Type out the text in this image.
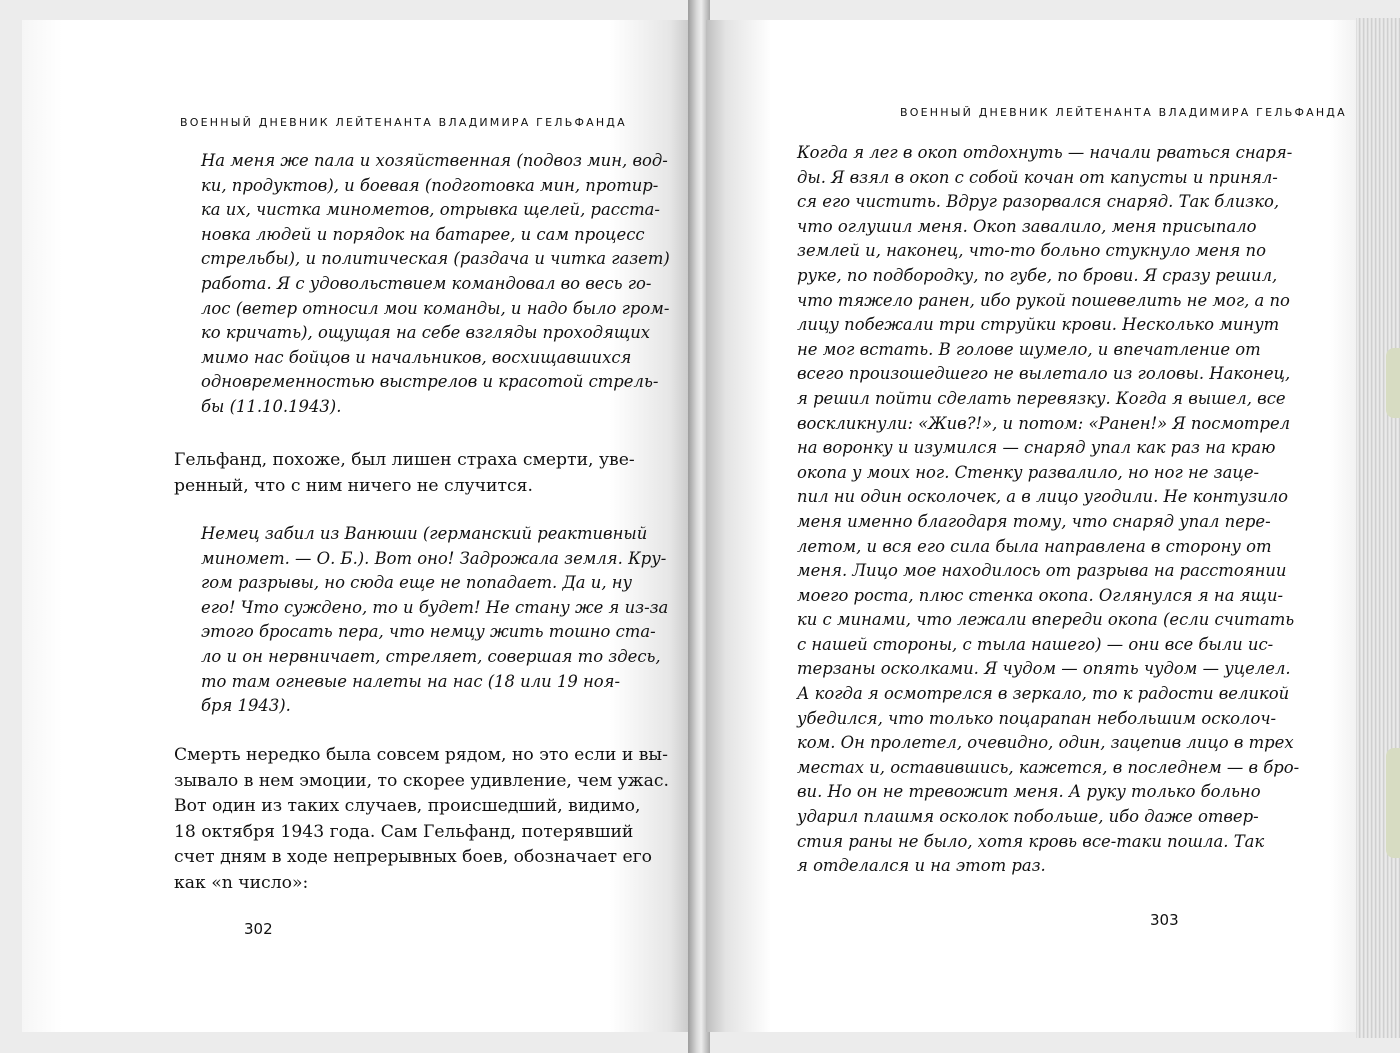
ВОЕННЫЙ ДНЕВНИК ЛЕЙТЕНАНТА ВЛАДИМИРА ГЕЛЬФАНДА
На меня же пала и хозяйственная (подвоз мин, вод-
ки, продуктов), и боевая (подготовка мин, протир-
ка их, чистка минометов, отрывка щелей, расста-
новка людей и порядок на батарее, и сам процесс
стрельбы), и политическая (раздача и читка газет)
работа. Я с удовольствием командовал во весь го-
лос (ветер относил мои команды, и надо было гром-
ко кричать), ощущая на себе взгляды проходящих
мимо нас бойцов и начальников, восхищавшихся
одновременностью выстрелов и красотой стрель-
бы (11.10.1943).
Гельфанд, похоже, был лишен страха смерти, уве-
ренный, что с ним ничего не случится.
Немец забил из Ванюши (германский реактивный
миномет. — О. Б.). Вот оно! Задрожала земля. Кру-
гом разрывы, но сюда еще не попадает. Да и, ну
его! Что суждено, то и будет! Не стану же я из-за
этого бросать пера, что немцу жить тошно ста-
ло и он нервничает, стреляет, совершая то здесь,
то там огневые налеты на нас (18 или 19 ноя-
бря 1943).
Смерть нередко была совсем рядом, но это если и вы-
зывало в нем эмоции, то скорее удивление, чем ужас.
Вот один из таких случаев, происшедший, видимо,
18 октября 1943 года. Сам Гельфанд, потерявший
счет дням в ходе непрерывных боев, обозначает его
как «n число»:
302
ВОЕННЫЙ ДНЕВНИК ЛЕЙТЕНАНТА ВЛАДИМИРА ГЕЛЬФАНДА
Когда я лег в окоп отдохнуть — начали рваться снаря-
ды. Я взял в окоп с собой кочан от капусты и принял-
ся его чистить. Вдруг разорвался снаряд. Так близко,
что оглушил меня. Окоп завалило, меня присыпало
землей и, наконец, что-то больно стукнуло меня по
руке, по подбородку, по губе, по брови. Я сразу решил,
что тяжело ранен, ибо рукой пошевелить не мог, а по
лицу побежали три струйки крови. Несколько минут
не мог встать. В голове шумело, и впечатление от
всего произошедшего не вылетало из головы. Наконец,
я решил пойти сделать перевязку. Когда я вышел, все
воскликнули: «Жив?!», и потом: «Ранен!» Я посмотрел
на воронку и изумился — снаряд упал как раз на краю
окопа у моих ног. Стенку развалило, но ног не заце-
пил ни один осколочек, а в лицо угодили. Не контузило
меня именно благодаря тому, что снаряд упал пере-
летом, и вся его сила была направлена в сторону от
меня. Лицо мое находилось от разрыва на расстоянии
моего роста, плюс стенка окопа. Оглянулся я на ящи-
ки с минами, что лежали впереди окопа (если считать
с нашей стороны, с тыла нашего) — они все были ис-
терзаны осколками. Я чудом — опять чудом — уцелел.
А когда я осмотрелся в зеркало, то к радости великой
убедился, что только поцарапан небольшим осколоч-
ком. Он пролетел, очевидно, один, зацепив лицо в трех
местах и, оставившись, кажется, в последнем — в бро-
ви. Но он не тревожит меня. А руку только больно
ударил плашмя осколок побольше, ибо даже отвер-
стия раны не было, хотя кровь все-таки пошла. Так
я отделался и на этот раз.
303
